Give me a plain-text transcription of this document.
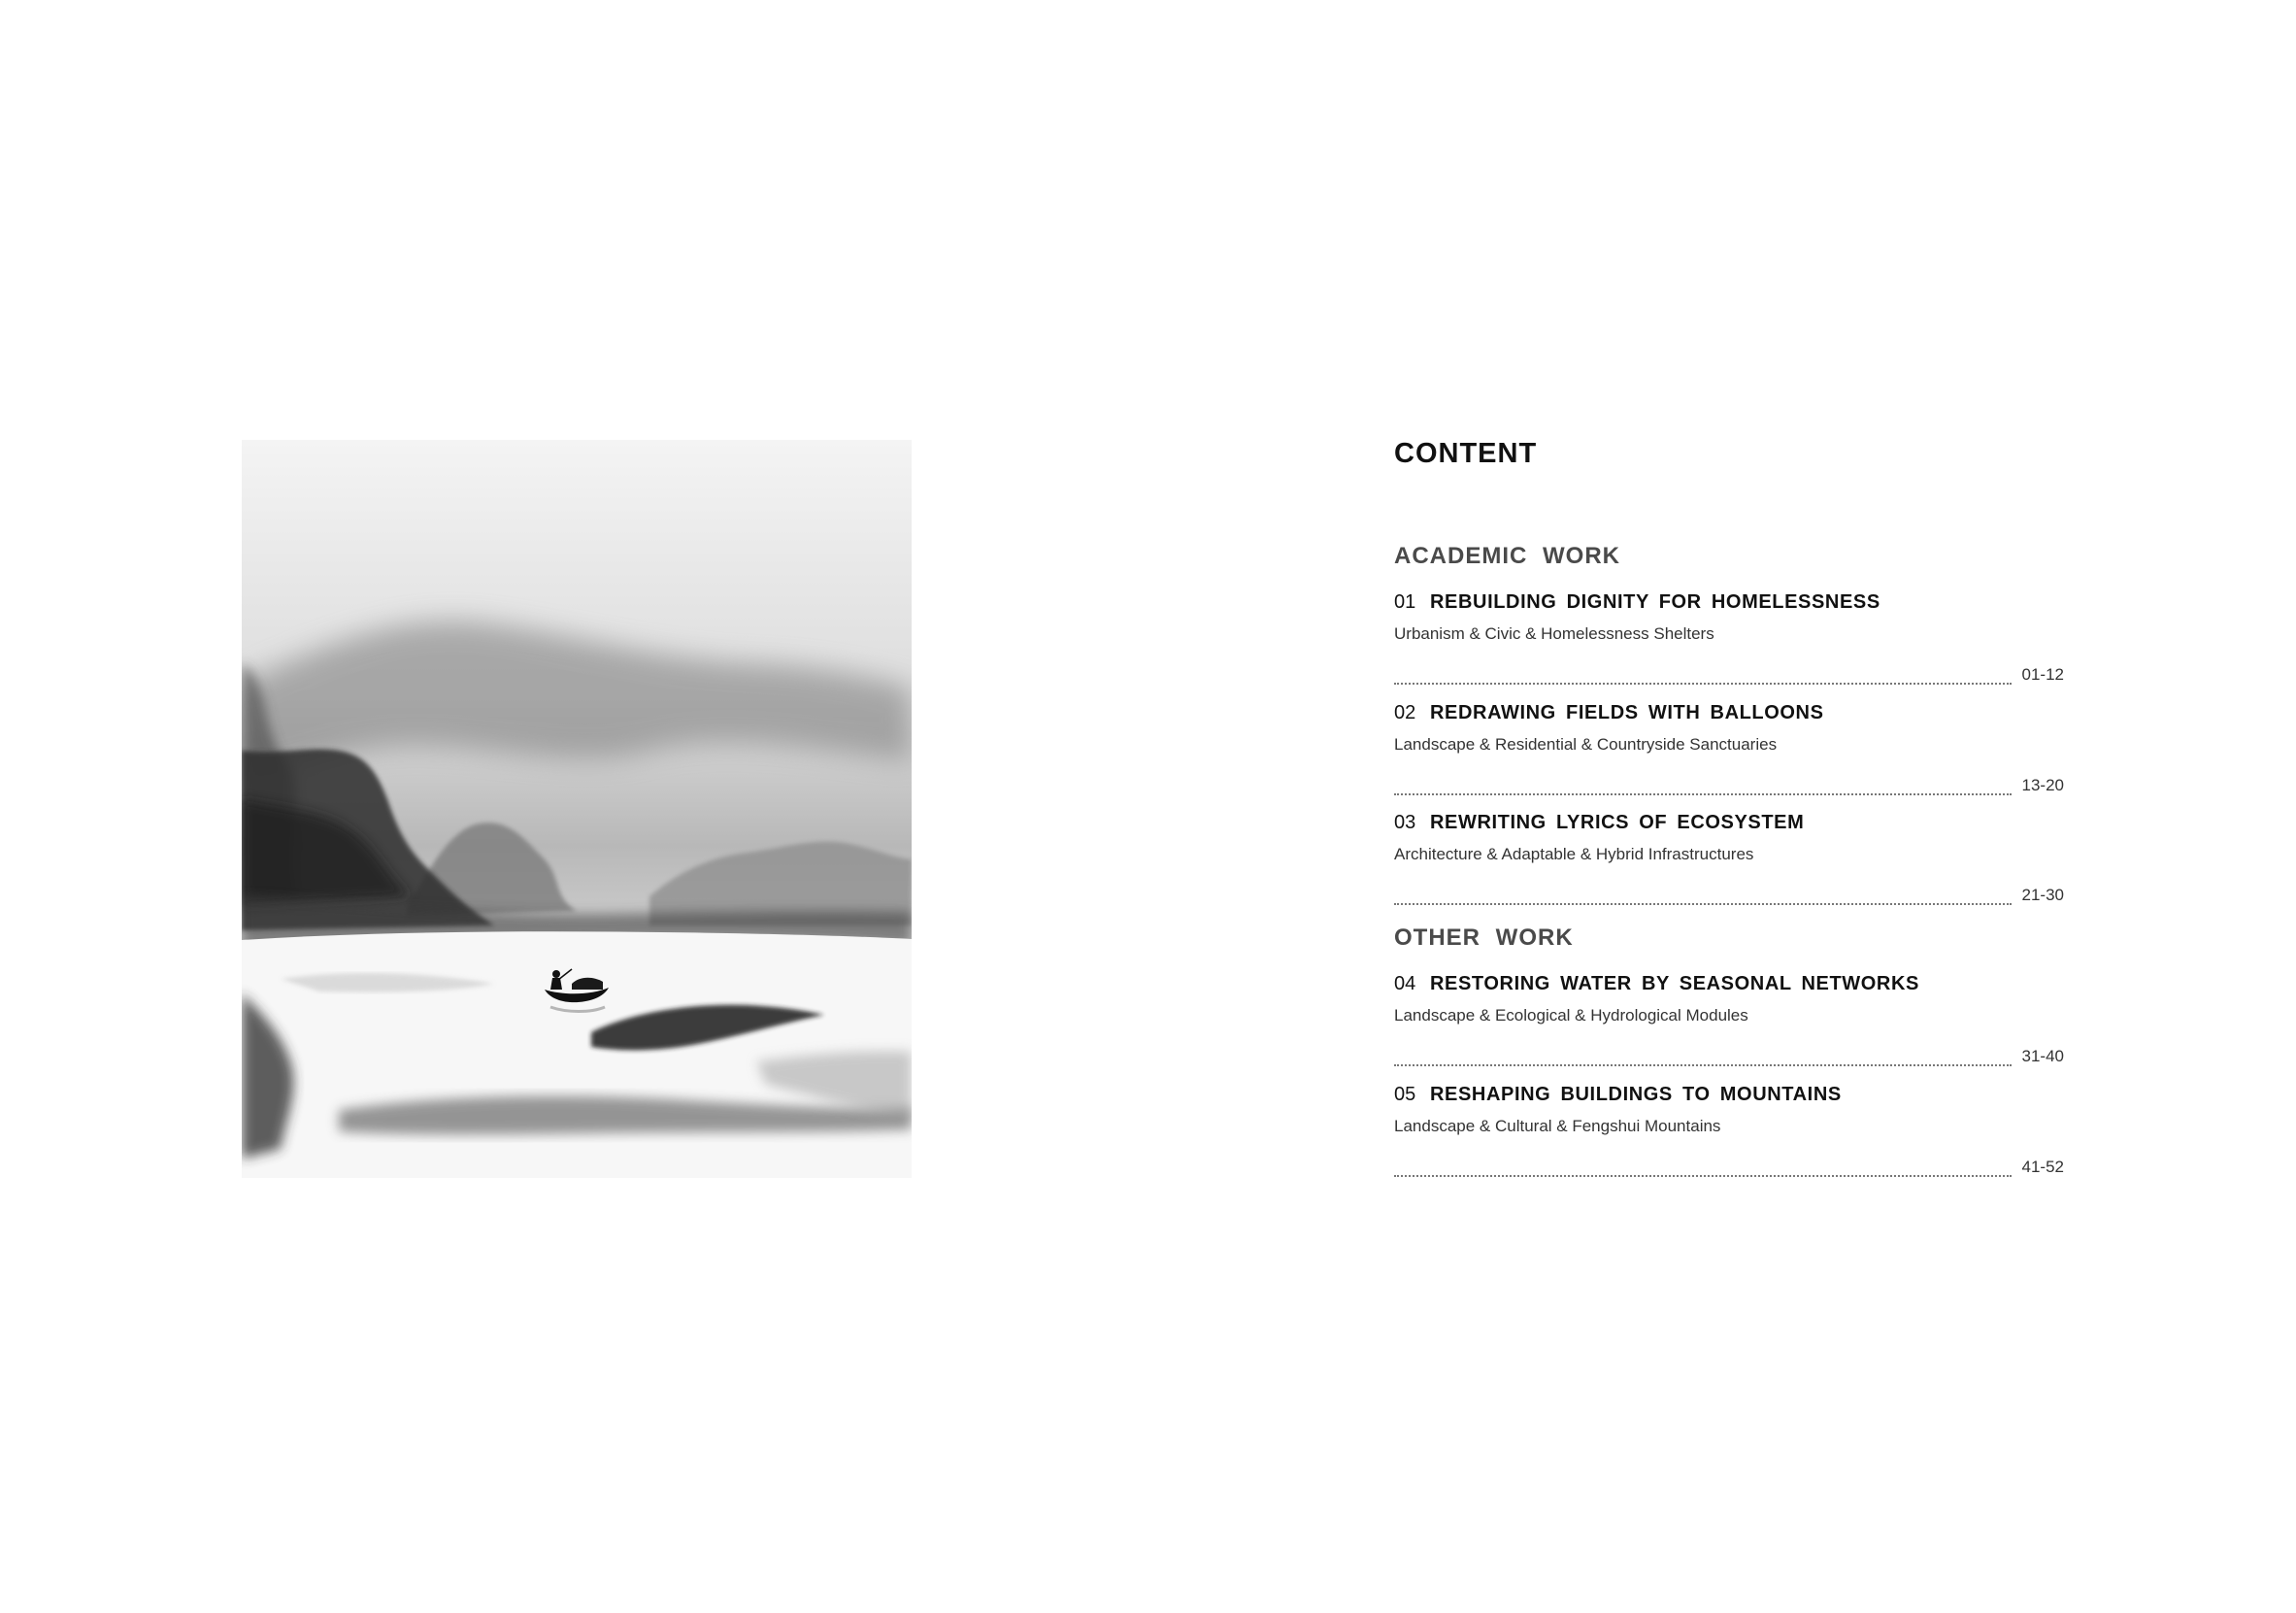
CONTENT
ACADEMIC WORK
01 REBUILDING DIGNITY FOR HOMELESSNESS
Urbanism & Civic & Homelessness Shelters
01-12
02 REDRAWING FIELDS WITH BALLOONS
Landscape & Residential & Countryside Sanctuaries
13-20
03 REWRITING LYRICS OF ECOSYSTEM
Architecture & Adaptable & Hybrid Infrastructures
21-30
OTHER WORK
04 RESTORING WATER BY SEASONAL NETWORKS
Landscape & Ecological & Hydrological Modules
31-40
05 RESHAPING BUILDINGS TO MOUNTAINS
Landscape & Cultural & Fengshui Mountains
41-52
